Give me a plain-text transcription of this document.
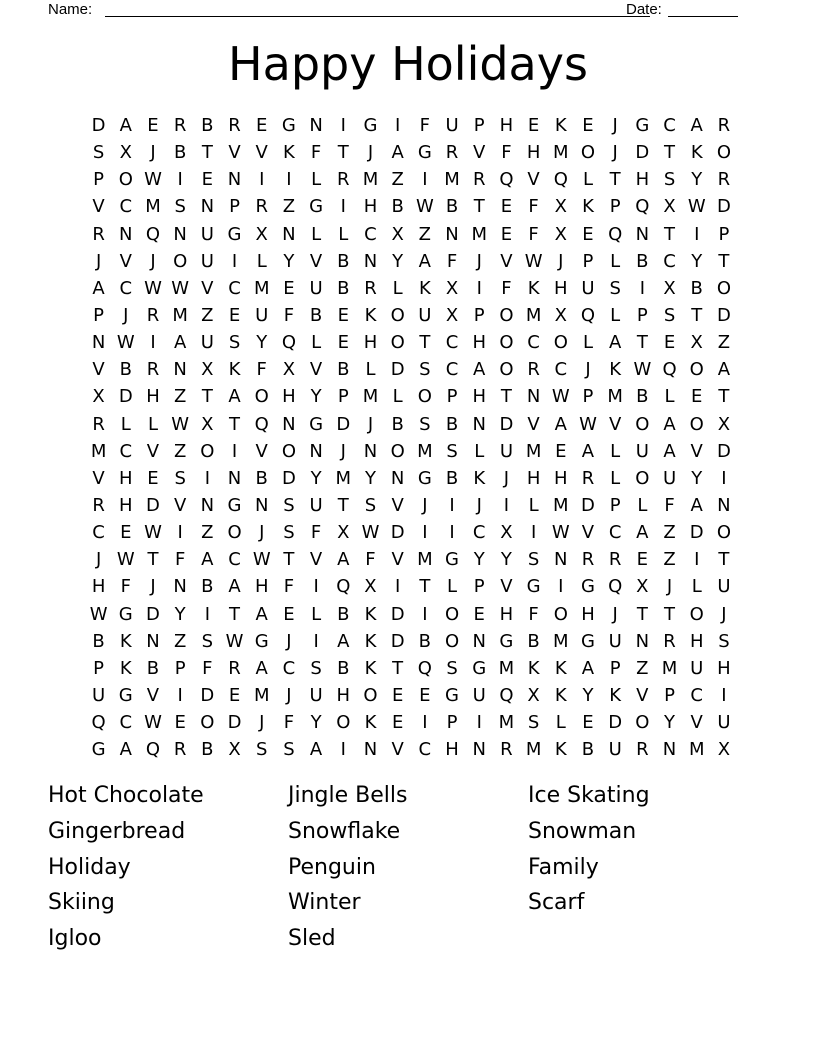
Name:	Date:
Happy Holidays
D A E R B R E G N I G I	F U P H E K E	J G C A R
S X	J	B T V V K F T	J	A G R V F H M O J D T K O
P O W I	E N I	I	L R M Z	I M R Q V Q L T H S Y R
V C M S N P R Z G I H B W B T E F X K P Q X W D
R N Q N U G X N L L C X Z N M E F X E Q N T	I	P
J	V	J O U I	L Y V B N Y A F	J	V W J	P L B C Y T
A C W W V C M E U B R L K X	I	F K H U S	I	X B O
P	J	R M Z E U F B E K O U X P O M X Q L P S T D
N W I	A U S Y Q L E H O T C H O C O L A T E X Z
V B R N X K F X V B L D S C A O R C	J	K W Q O A
X D H Z T A O H Y P M L O P H T N W P M B L E T
R L L W X T Q N G D J	B S B N D V A W V O A O X
M C V Z O I	V O N J N O M S L U M E A L U A V D
V H E S	I N B D Y M Y N G B K	J H H R L O U Y	I
R H D V N G N S U T S V	J	I	J	I	L M D P L F A N
C E W I	Z O J	S F X W D I	I	C X	I W V C A Z D O
J W T F A C W T V A F V M G Y Y S N R R E Z	I	T
H F	J N B A H F	I Q X	I	T L P V G I G Q X	J	L U
W G D Y	I	T A E L B K D I O E H F O H J	T T O J
B K N Z S W G J	I	A K D B O N G B M G U N R H S
P K B P F R A C S B K T Q S G M K K A P Z M U H
U G V	I D E M J U H O E E G U Q X K Y K V P C	I
Q C W E O D J	F Y O K E	I	P	I M S L E D O Y V U
G A Q R B X S S A	I N V C H N R M K B U R N M X
Hot Chocolate
Gingerbread
Holiday
Skiing
Igloo
Jingle Bells
Snowflake
Penguin
Winter
Sled
Ice Skating
Snowman
Family
Scarf
